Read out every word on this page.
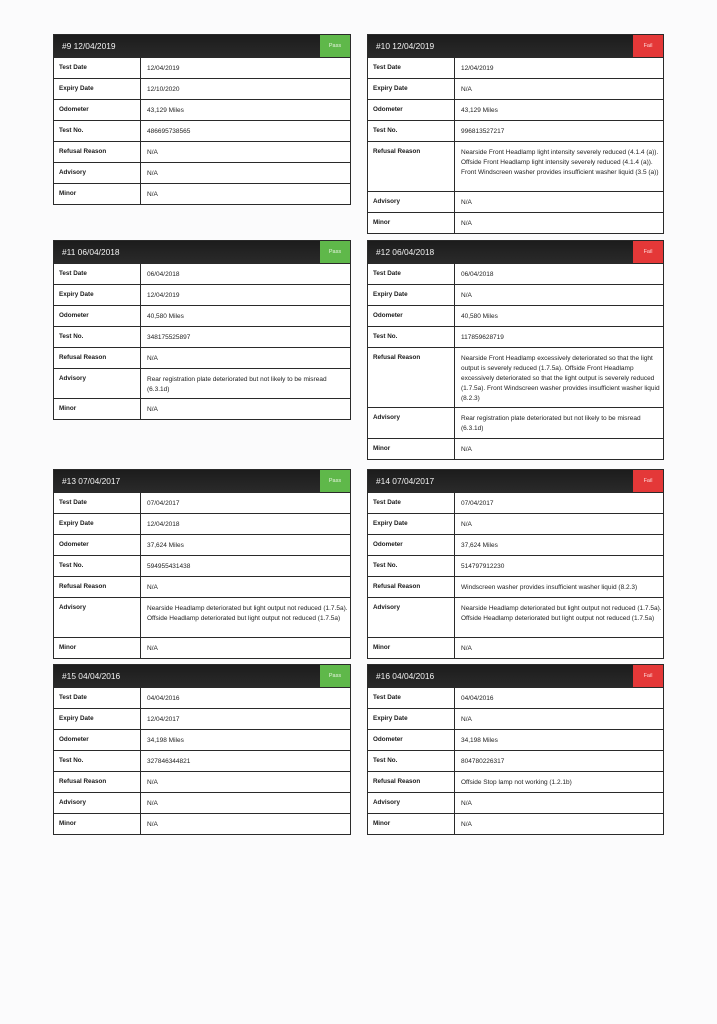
#9 12/04/2019	Pass
Test Date	12/04/2019
Expiry Date	12/10/2020
Odometer	43,129 Miles
Test No.	486695738565
Refusal Reason	N/A
Advisory	N/A
Minor	N/A
#10 12/04/2019	Fail
Test Date	12/04/2019
Expiry Date	N/A
Odometer	43,129 Miles
Test No.	996813527217
Refusal Reason	Nearside Front Headlamp light intensity severely reduced (4.1.4 (a)). Offside Front Headlamp light intensity severely reduced (4.1.4 (a)). Front Windscreen washer provides insufficient washer liquid (3.5 (a))
Advisory	N/A
Minor	N/A
#11 06/04/2018	Pass
Test Date	06/04/2018
Expiry Date	12/04/2019
Odometer	40,580 Miles
Test No.	348175525897
Refusal Reason	N/A
Advisory	Rear registration plate deteriorated but not likely to be misread (6.3.1d)
Minor	N/A
#12 06/04/2018	Fail
Test Date	06/04/2018
Expiry Date	N/A
Odometer	40,580 Miles
Test No.	117859628719
Refusal Reason	Nearside Front Headlamp excessively deteriorated so that the light output is severely reduced (1.7.5a). Offside Front Headlamp excessively deteriorated so that the light output is severely reduced (1.7.5a). Front Windscreen washer provides insufficient washer liquid (8.2.3)
Advisory	Rear registration plate deteriorated but not likely to be misread (6.3.1d)
Minor	N/A
#13 07/04/2017	Pass
Test Date	07/04/2017
Expiry Date	12/04/2018
Odometer	37,624 Miles
Test No.	594955431438
Refusal Reason	N/A
Advisory	Nearside Headlamp deteriorated but light output not reduced (1.7.5a). Offside Headlamp deteriorated but light output not reduced (1.7.5a)
Minor	N/A
#14 07/04/2017	Fail
Test Date	07/04/2017
Expiry Date	N/A
Odometer	37,624 Miles
Test No.	514797912230
Refusal Reason	Windscreen washer provides insufficient washer liquid (8.2.3)
Advisory	Nearside Headlamp deteriorated but light output not reduced (1.7.5a). Offside Headlamp deteriorated but light output not reduced (1.7.5a)
Minor	N/A
#15 04/04/2016	Pass
Test Date	04/04/2016
Expiry Date	12/04/2017
Odometer	34,198 Miles
Test No.	327846344821
Refusal Reason	N/A
Advisory	N/A
Minor	N/A
#16 04/04/2016	Fail
Test Date	04/04/2016
Expiry Date	N/A
Odometer	34,198 Miles
Test No.	804780226317
Refusal Reason	Offside Stop lamp not working (1.2.1b)
Advisory	N/A
Minor	N/A
